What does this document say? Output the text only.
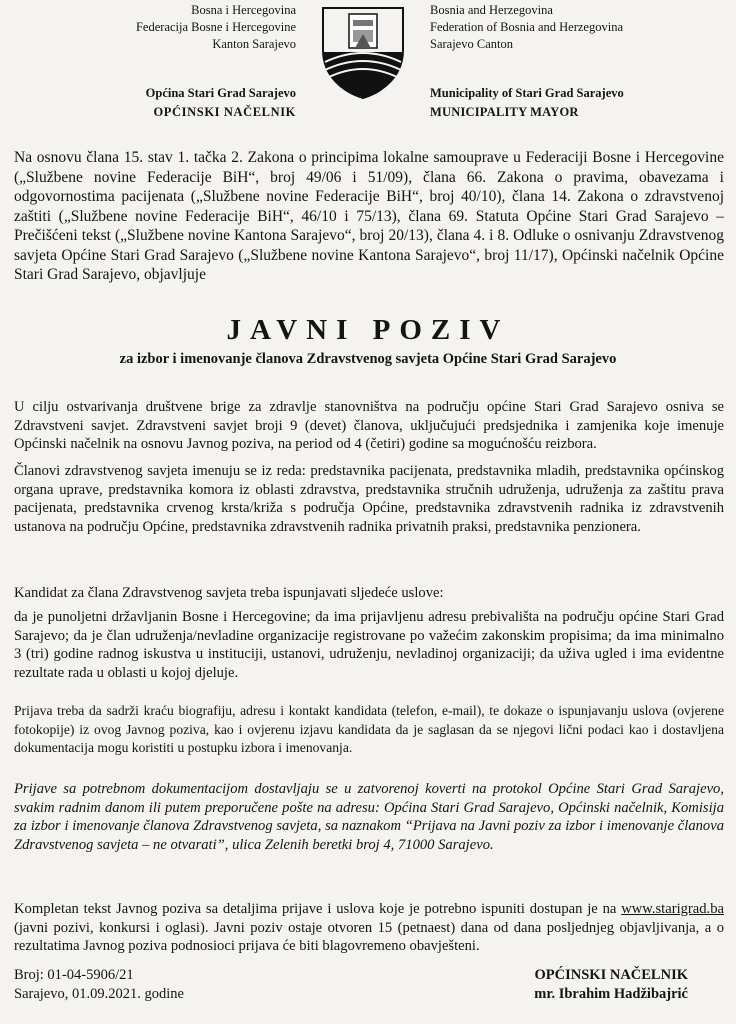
Bosna i Hercegovina
Federacija Bosne i Hercegovine
Kanton Sarajevo
Bosnia and Herzegovina
Federation of Bosnia and Herzegovina
Sarajevo Canton
Općina Stari Grad Sarajevo
OPĆINSKI NAČELNIK
Municipality of Stari Grad Sarajevo
MUNICIPALITY MAYOR
Na osnovu člana 15. stav 1. tačka 2. Zakona o principima lokalne samouprave u Federaciji Bosne i Hercegovine („Službene novine Federacije BiH“, broj 49/06 i 51/09), člana 66. Zakona o pravima, obavezama i odgovornostima pacijenata („Službene novine Federacije BiH“, broj 40/10), člana 14. Zakona o zdravstvenoj zaštiti („Službene novine Federacije BiH“, 46/10 i 75/13), člana 69. Statuta Općine Stari Grad Sarajevo – Prečišćeni tekst („Službene novine Kantona Sarajevo“, broj 20/13), člana 4. i 8. Odluke o osnivanju Zdravstvenog savjeta Općine Stari Grad Sarajevo („Službene novine Kantona Sarajevo“, broj 11/17), Općinski načelnik Općine Stari Grad Sarajevo, objavljuje
JAVNI POZIV
za izbor i imenovanje članova Zdravstvenog savjeta Općine Stari Grad Sarajevo
U cilju ostvarivanja društvene brige za zdravlje stanovništva na području općine Stari Grad Sarajevo osniva se Zdravstveni savjet. Zdravstveni savjet broji 9 (devet) članova, uključujući predsjednika i zamjenika koje imenuje Općinski načelnik na osnovu Javnog poziva, na period od 4 (četiri) godine sa mogućnošću reizbora.
Članovi zdravstvenog savjeta imenuju se iz reda: predstavnika pacijenata, predstavnika mladih, predstavnika općinskog organa uprave, predstavnika komora iz oblasti zdravstva, predstavnika stručnih udruženja, udruženja za zaštitu prava pacijenata, predstavnika crvenog krsta/križa s područja Općine, predstavnika zdravstvenih radnika iz zdravstvenih ustanova na području Općine, predstavnika zdravstvenih radnika privatnih praksi, predstavnika penzionera.
Kandidat za člana Zdravstvenog savjeta treba ispunjavati sljedeće uslove:
da je punoljetni državljanin Bosne i Hercegovine; da ima prijavljenu adresu prebivališta na području općine Stari Grad Sarajevo; da je član udruženja/nevladine organizacije registrovane po važećim zakonskim propisima; da ima minimalno 3 (tri) godine radnog iskustva u instituciji, ustanovi, udruženju, nevladinoj organizaciji; da uživa ugled i ima evidentne rezultate rada u oblasti u kojoj djeluje.
Prijava treba da sadrži kraću biografiju, adresu i kontakt kandidata (telefon, e-mail), te dokaze o ispunjavanju uslova (ovjerene fotokopije) iz ovog Javnog poziva, kao i ovjerenu izjavu kandidata da je saglasan da se njegovi lični podaci kao i dostavljena dokumentacija mogu koristiti u postupku izbora i imenovanja.
Prijave sa potrebnom dokumentacijom dostavljaju se u zatvorenoj koverti na protokol Općine Stari Grad Sarajevo, svakim radnim danom ili putem preporučene pošte na adresu: Općina Stari Grad Sarajevo, Općinski načelnik, Komisija za izbor i imenovanje članova Zdravstvenog savjeta, sa naznakom “Prijava na Javni poziv za izbor i imenovanje članova Zdravstvenog savjeta – ne otvarati”, ulica Zelenih beretki broj 4, 71000 Sarajevo.
Kompletan tekst Javnog poziva sa detaljima prijave i uslova koje je potrebno ispuniti dostupan je na www.starigrad.ba (javni pozivi, konkursi i oglasi). Javni poziv ostaje otvoren 15 (petnaest) dana od dana posljednjeg objavljivanja, a o rezultatima Javnog poziva podnosioci prijava će biti blagovremeno obavješteni.
Broj: 01-04-5906/21
Sarajevo, 01.09.2021. godine
OPĆINSKI NAČELNIK
mr. Ibrahim Hadžibajrić
